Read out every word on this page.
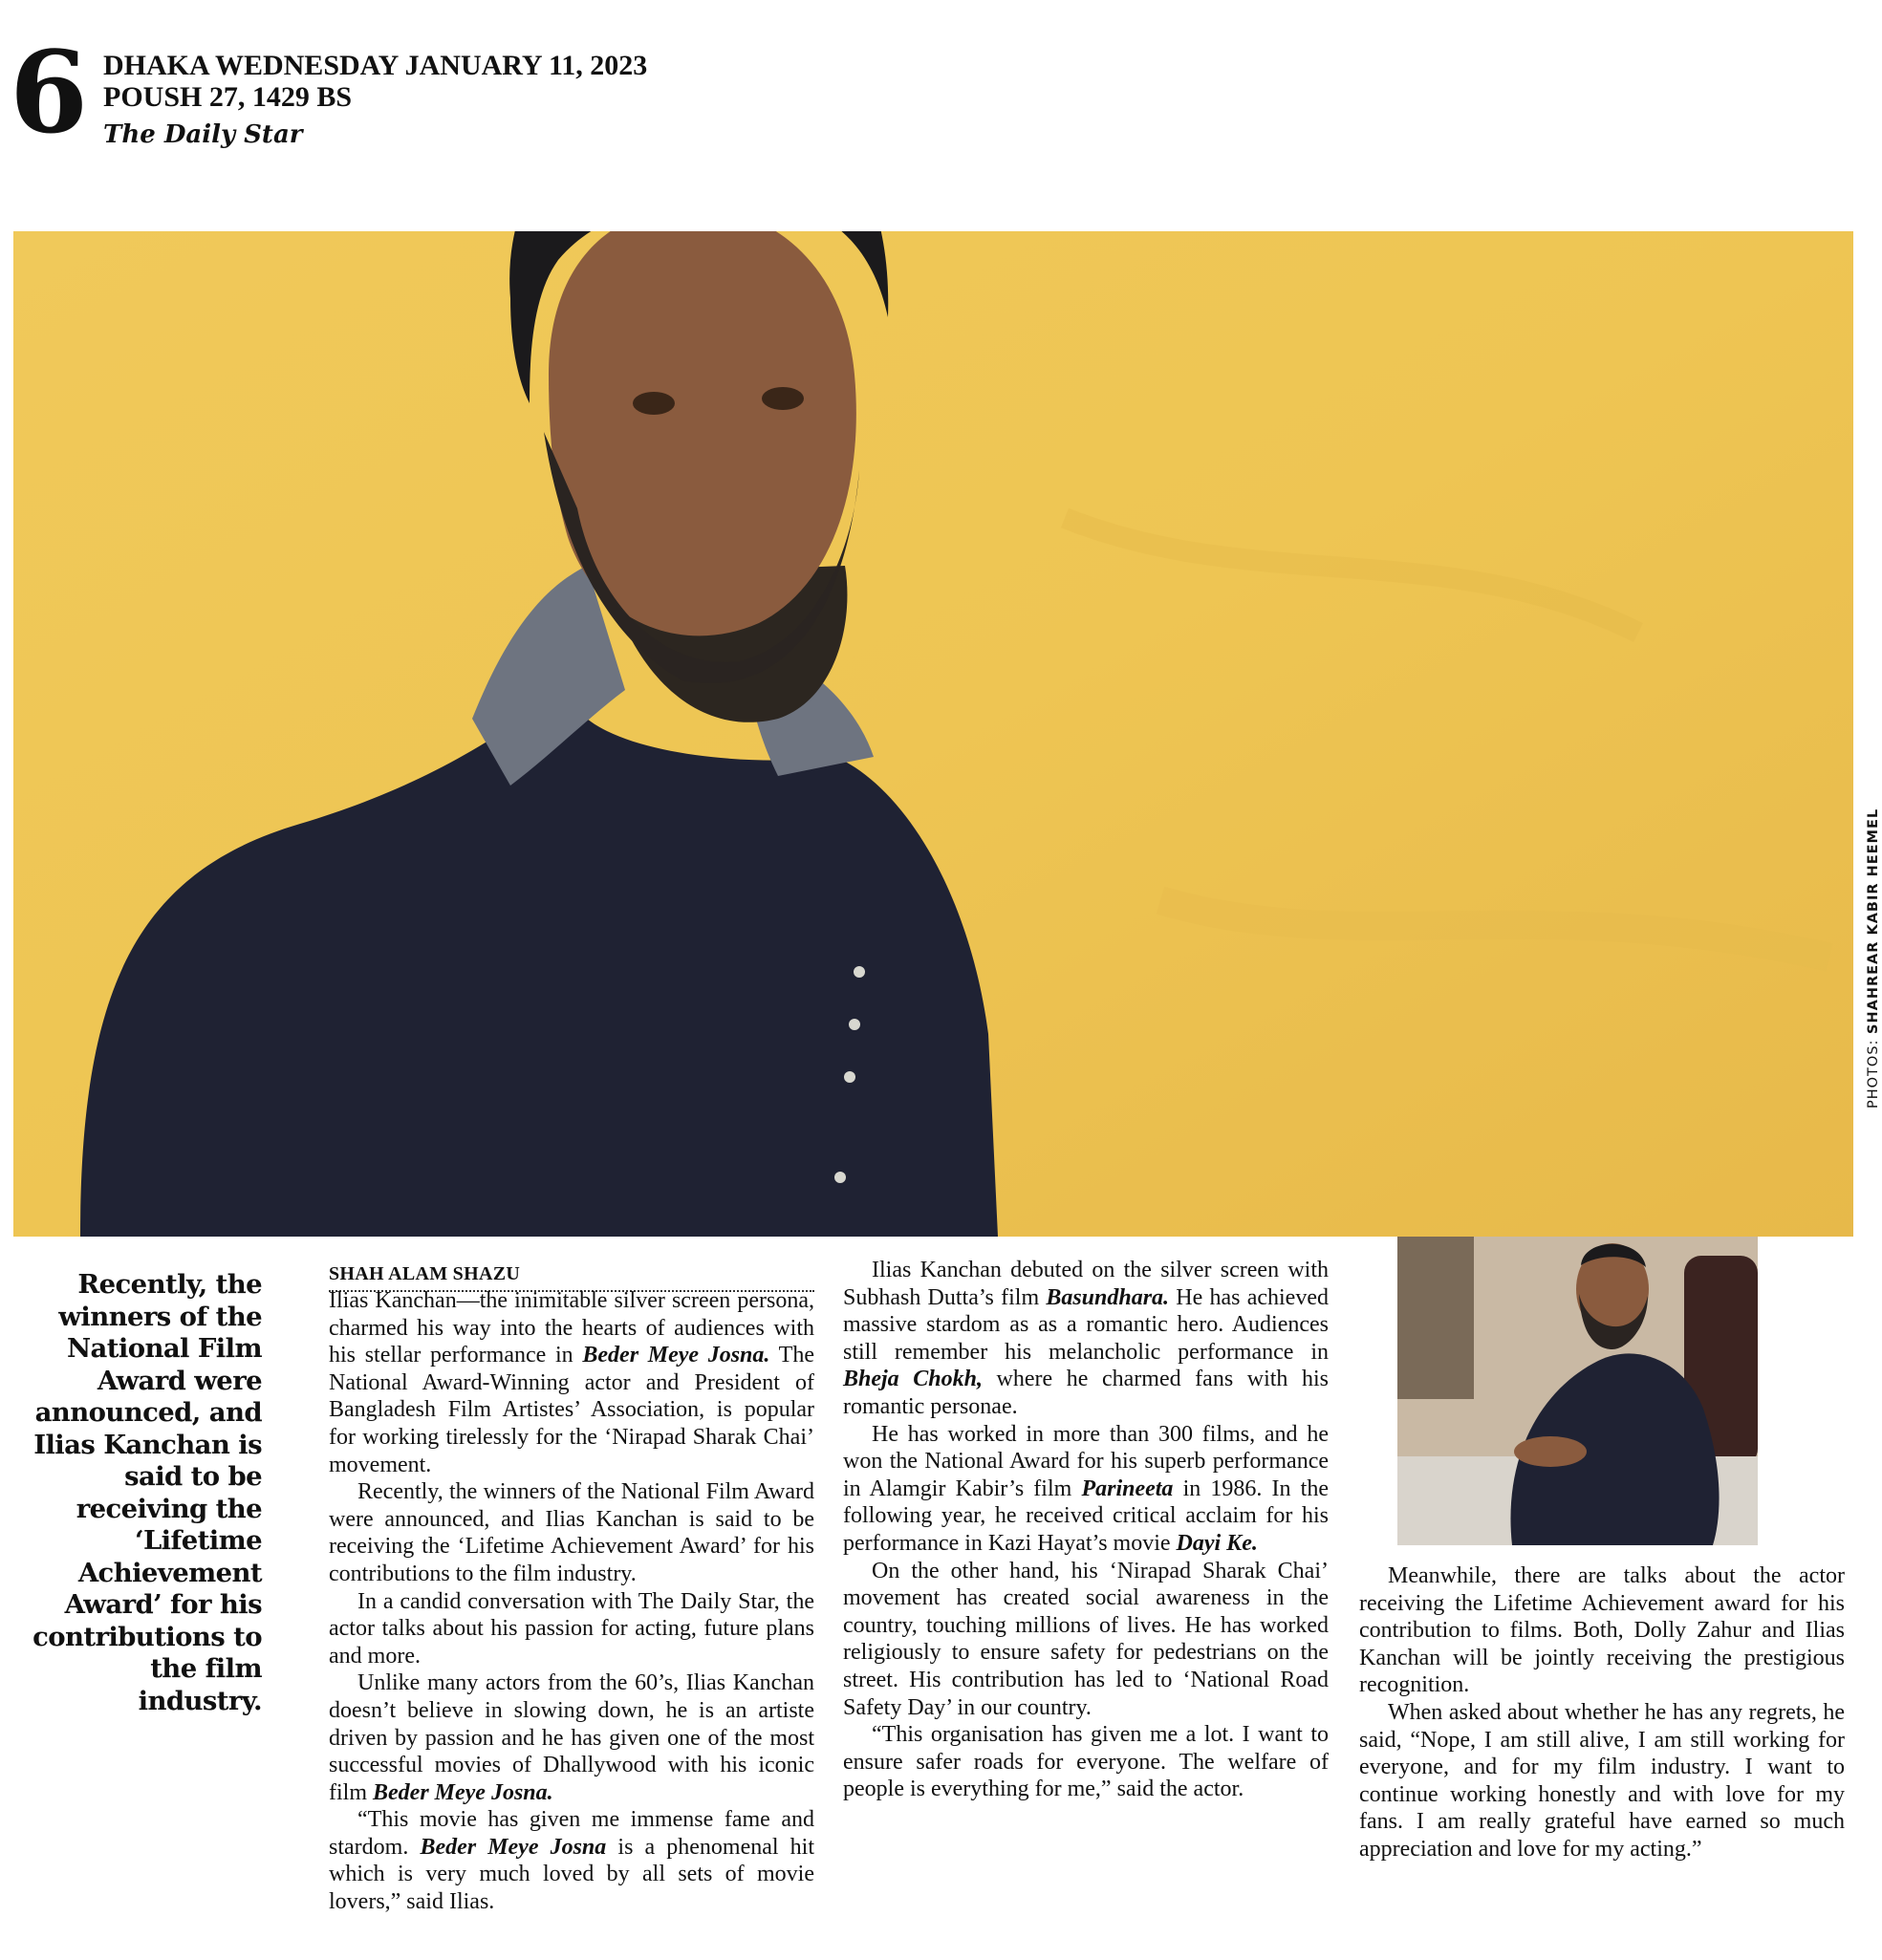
6 DHAKA WEDNESDAY JANUARY 11, 2023
POUSH 27, 1429 BS
The Daily Star
PHOTOS: SHAHREAR KABIR HEEMEL
Recently, the winners of the National Film Award were announced, and Ilias Kanchan is said to be receiving the ‘Lifetime Achievement Award’ for his contributions to the film industry.
SHAH ALAM SHAZU

Ilias Kanchan—the inimitable silver screen persona, charmed his way into the hearts of audiences with his stellar performance in Beder Meye Josna. The National Award-Winning actor and President of Bangladesh Film Artistes’ Association, is popular for working tirelessly for the ‘Nirapad Sharak Chai’ movement.

Recently, the winners of the National Film Award were announced, and Ilias Kanchan is said to be receiving the ‘Lifetime Achievement Award’ for his contributions to the film industry.

In a candid conversation with The Daily Star, the actor talks about his passion for acting, future plans and more.

Unlike many actors from the 60’s, Ilias Kanchan doesn’t believe in slowing down, he is an artiste driven by passion and he has given one of the most successful movies of Dhallywood with his iconic film Beder Meye Josna.

“This movie has given me immense fame and stardom. Beder Meye Josna is a phenomenal hit which is very much loved by all sets of movie lovers,” said Ilias.

Ilias Kanchan debuted on the silver screen with Subhash Dutta’s film Basundhara. He has achieved massive stardom as as a romantic hero. Audiences still remember his melancholic performance in Bheja Chokh, where he charmed fans with his romantic personae.

He has worked in more than 300 films, and he won the National Award for his superb performance in Alamgir Kabir’s film Parineeta in 1986. In the following year, he received critical acclaim for his performance in Kazi Hayat’s movie Dayi Ke.

On the other hand, his ‘Nirapad Sharak Chai’ movement has created social awareness in the country, touching millions of lives. He has worked religiously to ensure safety for pedestrians on the street. His contribution has led to ‘National Road Safety Day’ in our country.

“This organisation has given me a lot. I want to ensure safer roads for everyone. The welfare of people is everything for me,” said the actor.

Meanwhile, there are talks about the actor receiving the Lifetime Achievement award for his contribution to films. Both, Dolly Zahur and Ilias Kanchan will be jointly receiving the prestigious recognition.

When asked about whether he has any regrets, he said, “Nope, I am still alive, I am still working for everyone, and for my film industry. I want to continue working honestly and with love for my fans. I am really grateful have earned so much appreciation and love for my acting.”
